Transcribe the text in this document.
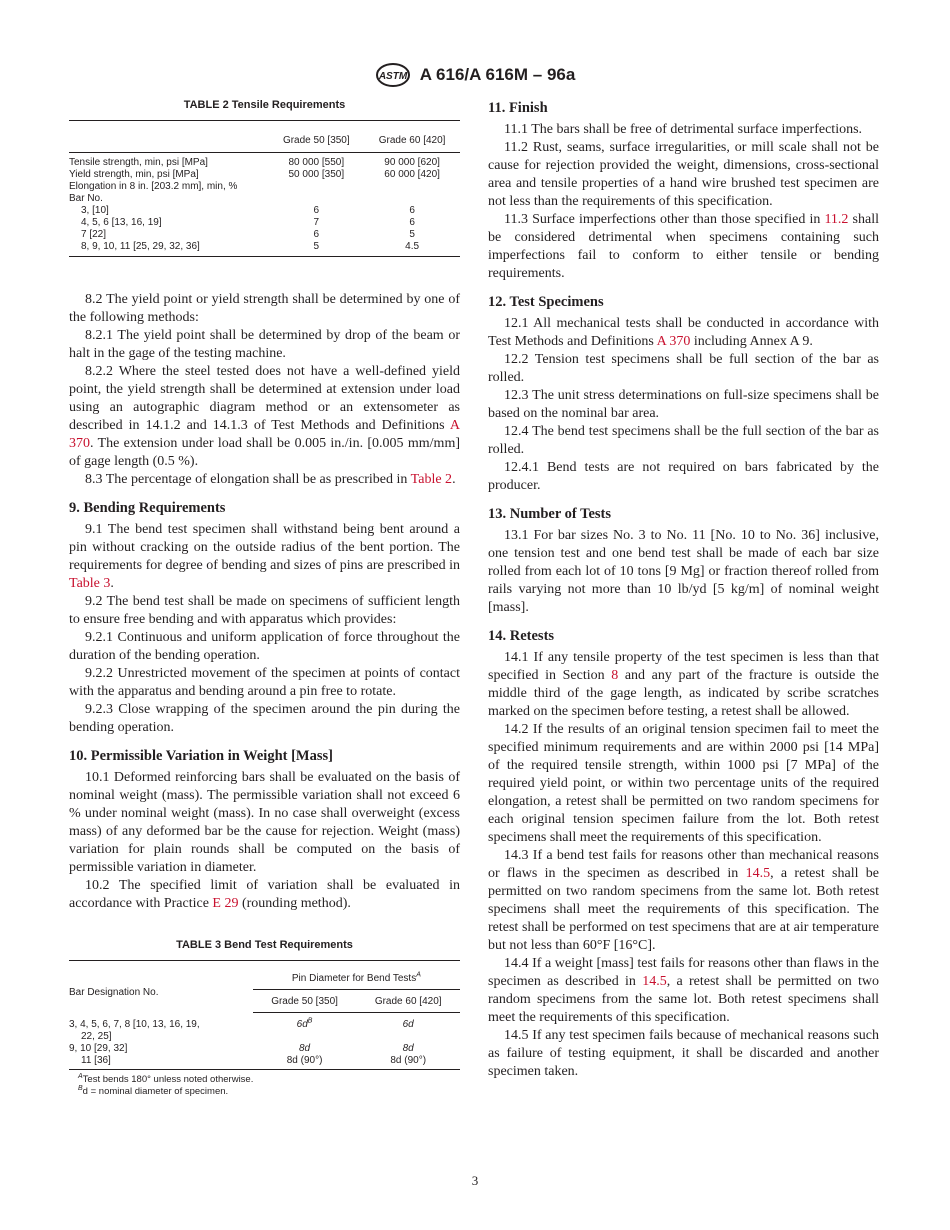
ASTM A 616/A 616M – 96a
TABLE 2 Tensile Requirements
	Grade 50 [350]	Grade 60 [420]
Tensile strength, min, psi [MPa]	80 000 [550]	90 000 [620]
Yield strength, min, psi [MPa]	50 000 [350]	60 000 [420]
Elongation in 8 in. [203.2 mm], min, %		
Bar No.		
3, [10]	6	6
4, 5, 6 [13, 16, 19]	7	6
7 [22]	6	5
8, 9, 10, 11 [25, 29, 32, 36]	5	4.5

8.2 The yield point or yield strength shall be determined by one of the following methods:

8.2.1 The yield point shall be determined by drop of the beam or halt in the gage of the testing machine.

8.2.2 Where the steel tested does not have a well-defined yield point, the yield strength shall be determined at extension under load using an autographic diagram method or an extensometer as described in 14.1.2 and 14.1.3 of Test Methods and Definitions A 370. The extension under load shall be 0.005 in./in. [0.005 mm/mm] of gage length (0.5 %).

8.3 The percentage of elongation shall be as prescribed in Table 2.

9. Bending Requirements

9.1 The bend test specimen shall withstand being bent around a pin without cracking on the outside radius of the bent portion. The requirements for degree of bending and sizes of pins are prescribed in Table 3.

9.2 The bend test shall be made on specimens of sufficient length to ensure free bending and with apparatus which provides:

9.2.1 Continuous and uniform application of force throughout the duration of the bending operation.

9.2.2 Unrestricted movement of the specimen at points of contact with the apparatus and bending around a pin free to rotate.

9.2.3 Close wrapping of the specimen around the pin during the bending operation.

10. Permissible Variation in Weight [Mass]

10.1 Deformed reinforcing bars shall be evaluated on the basis of nominal weight (mass). The permissible variation shall not exceed 6 % under nominal weight (mass). In no case shall overweight (excess mass) of any deformed bar be the cause for rejection. Weight (mass) variation for plain rounds shall be computed on the basis of permissible variation in diameter.

10.2 The specified limit of variation shall be evaluated in accordance with Practice E 29 (rounding method).

TABLE 3 Bend Test Requirements
Bar Designation No.	Pin Diameter for Bend Tests$^A$
	Grade 50 [350]	Grade 60 [420]
3, 4, 5, 6, 7, 8 [10, 13, 16, 19,
22, 25]	$6d^B$	6d
9, 10 [29, 32]	8d	8d
11 [36]	8d (90°)	8d (90°)
$^A$Test bends 180° unless noted otherwise.
$^B$d = nominal diameter of specimen.
11. Finish

11.1 The bars shall be free of detrimental surface imperfections.

11.2 Rust, seams, surface irregularities, or mill scale shall not be cause for rejection provided the weight, dimensions, cross-sectional area and tensile properties of a hand wire brushed test specimen are not less than the requirements of this specification.

11.3 Surface imperfections other than those specified in 11.2 shall be considered detrimental when specimens containing such imperfections fail to conform to either tensile or bending requirements.

12. Test Specimens

12.1 All mechanical tests shall be conducted in accordance with Test Methods and Definitions A 370 including Annex A 9.

12.2 Tension test specimens shall be full section of the bar as rolled.

12.3 The unit stress determinations on full-size specimens shall be based on the nominal bar area.

12.4 The bend test specimens shall be the full section of the bar as rolled.

12.4.1 Bend tests are not required on bars fabricated by the producer.

13. Number of Tests

13.1 For bar sizes No. 3 to No. 11 [No. 10 to No. 36] inclusive, one tension test and one bend test shall be made of each bar size rolled from each lot of 10 tons [9 Mg] or fraction thereof rolled from rails varying not more than 10 lb/yd [5 kg/m] of nominal weight [mass].

14. Retests

14.1 If any tensile property of the test specimen is less than that specified in Section 8 and any part of the fracture is outside the middle third of the gage length, as indicated by scribe scratches marked on the specimen before testing, a retest shall be allowed.

14.2 If the results of an original tension specimen fail to meet the specified minimum requirements and are within 2000 psi [14 MPa] of the required tensile strength, within 1000 psi [7 MPa] of the required yield point, or within two percentage units of the required elongation, a retest shall be permitted on two random specimens for each original tension specimen failure from the lot. Both retest specimens shall meet the requirements of this specification.

14.3 If a bend test fails for reasons other than mechanical reasons or flaws in the specimen as described in 14.5, a retest shall be permitted on two random specimens from the same lot. Both retest specimens shall meet the requirements of this specification. The retest shall be performed on test specimens that are at air temperature but not less than 60°F [16°C].

14.4 If a weight [mass] test fails for reasons other than flaws in the specimen as described in 14.5, a retest shall be permitted on two random specimens from the same lot. Both retest specimens shall meet the requirements of this specification.

14.5 If any test specimen fails because of mechanical reasons such as failure of testing equipment, it shall be discarded and another specimen taken.

3
